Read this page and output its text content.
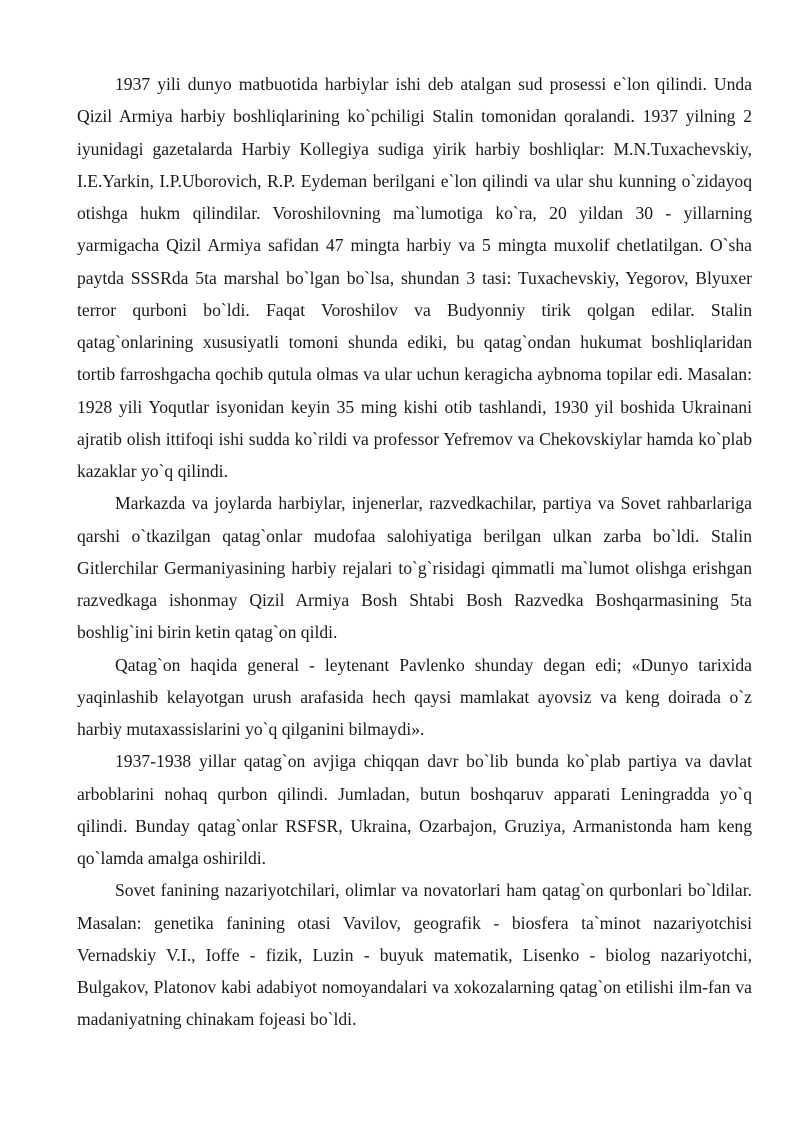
1937 yili dunyo matbuotida harbiylar ishi deb atalgan sud prosessi e`lon qilindi. Unda Qizil Armiya harbiy boshliqlarining ko`pchiligi Stalin tomonidan qoralandi. 1937 yilning 2 iyunidagi gazetalarda Harbiy Kollegiya sudiga yirik harbiy boshliqlar: M.N.Tuxachevskiy, I.E.Yarkin, I.P.Uborovich, R.P. Eydeman berilgani e`lon qilindi va ular shu kunning o`zidayoq otishga hukm qilindilar. Voroshilovning ma`lumotiga ko`ra, 20 yildan 30 - yillarning yarmigacha Qizil Armiya safidan 47 mingta harbiy va 5 mingta muxolif chetlatilgan. O`sha paytda SSSRda 5ta marshal bo`lgan bo`lsa, shundan 3 tasi: Tuxachevskiy, Yegorov, Blyuxer terror qurboni bo`ldi. Faqat Voroshilov va Budyonniy tirik qolgan edilar. Stalin qatag`onlarining xususiyatli tomoni shunda ediki, bu qatag`ondan hukumat boshliqlaridan tortib farroshgacha qochib qutula olmas va ular uchun keragicha aybnoma topilar edi. Masalan: 1928 yili Yoqutlar isyonidan keyin 35 ming kishi otib tashlandi, 1930 yil boshida Ukrainani ajratib olish ittifoqi ishi sudda ko`rildi va professor Yefremov va Chekovskiylar hamda ko`plab kazaklar yo`q qilindi.

Markazda va joylarda harbiylar, injenerlar, razvedkachilar, partiya va Sovet rahbarlariga qarshi o`tkazilgan qatag`onlar mudofaa salohiyatiga berilgan ulkan zarba bo`ldi. Stalin Gitlerchilar Germaniyasining harbiy rejalari to`g`risidagi qimmatli ma`lumot olishga erishgan razvedkaga ishonmay Qizil Armiya Bosh Shtabi Bosh Razvedka Boshqarmasining 5ta boshlig`ini birin ketin qatag`on qildi.

Qatag`on haqida general - leytenant Pavlenko shunday degan edi; «Dunyo tarixida yaqinlashib kelayotgan urush arafasida hech qaysi mamlakat ayovsiz va keng doirada o`z harbiy mutaxassislarini yo`q qilganini bilmaydi».

1937-1938 yillar qatag`on avjiga chiqqan davr bo`lib bunda ko`plab partiya va davlat arboblarini nohaq qurbon qilindi. Jumladan, butun boshqaruv apparati Leningradda yo`q qilindi. Bunday qatag`onlar RSFSR, Ukraina, Ozarbajon, Gruziya, Armanistonda ham keng qo`lamda amalga oshirildi.

Sovet fanining nazariyotchilari, olimlar va novatorlari ham qatag`on qurbonlari bo`ldilar. Masalan: genetika fanining otasi Vavilov, geografik - biosfera ta`minot nazariyotchisi Vernadskiy V.I., Ioffe - fizik, Luzin - buyuk matematik, Lisenko - biolog nazariyotchi, Bulgakov, Platonov kabi adabiyot nomoyandalari va xokozalarning qatag`on etilishi ilm-fan va madaniyatning chinakam fojeasi bo`ldi.
